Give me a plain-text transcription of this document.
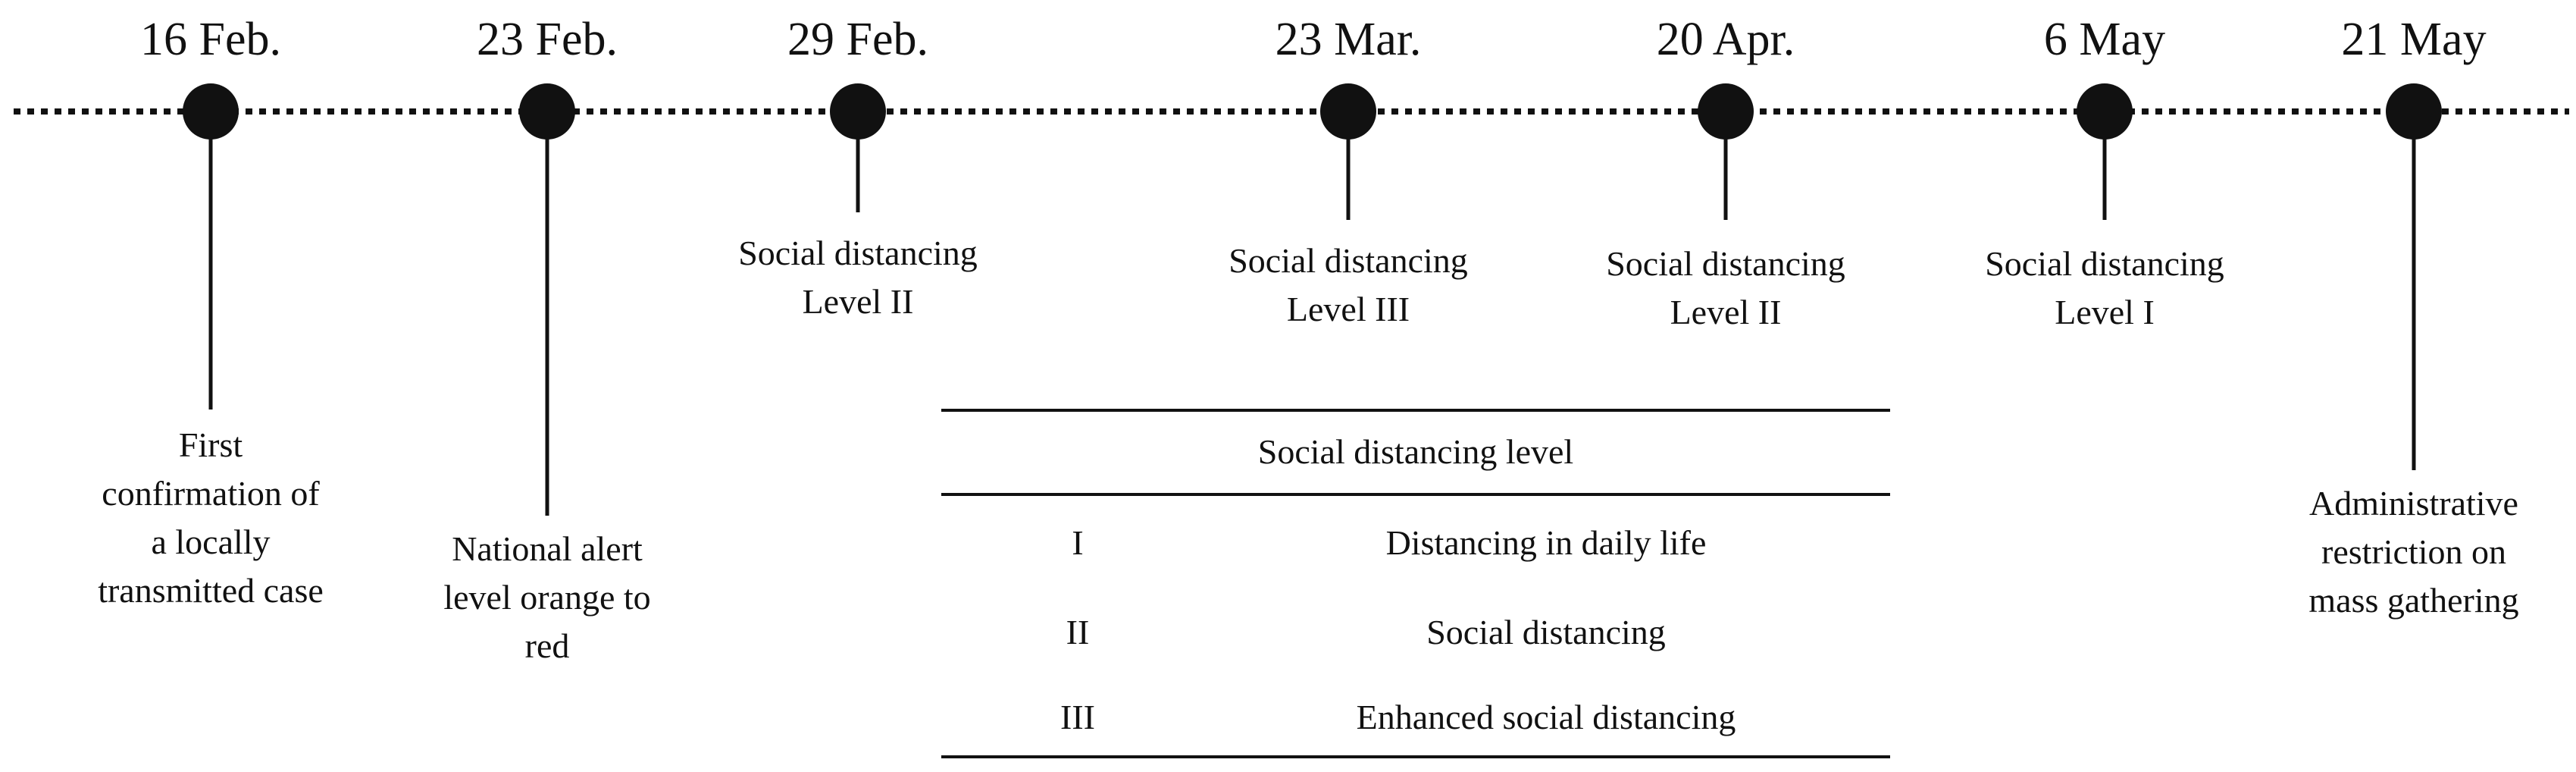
16 Feb.
First
confirmation of
a locally
transmitted case
23 Feb.
National alert
level orange to
red
29 Feb.
Social distancing
Level II
23 Mar.
Social distancing
Level III
20 Apr.
Social distancing
Level II
6 May
Social distancing
Level I
21 May
Administrative
restriction on
mass gathering
Social distancing level
I	Distancing in daily life
II	Social distancing
III	Enhanced social distancing
